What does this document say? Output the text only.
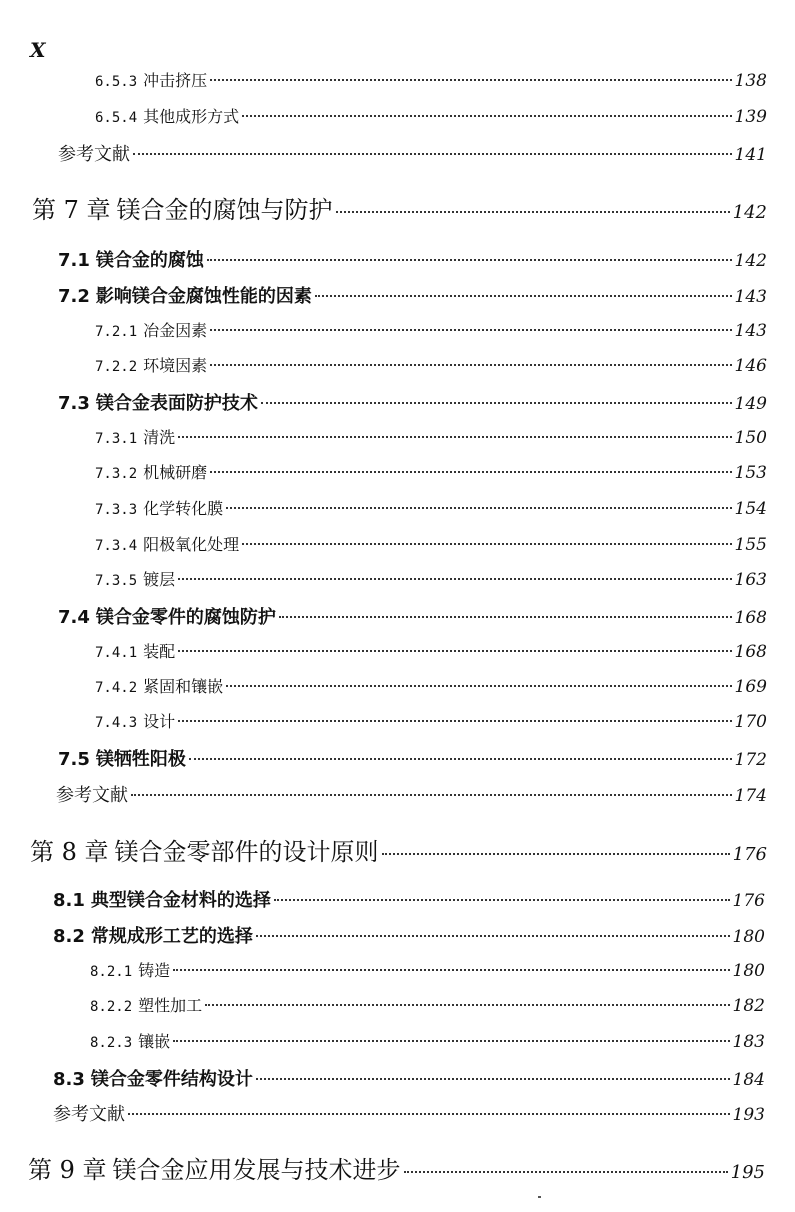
X
6.5.3 冲击挤压	138
6.5.4 其他成形方式	139
参考文献	141
第 7 章 镁合金的腐蚀与防护	142
7.1 镁合金的腐蚀	142
7.2 影响镁合金腐蚀性能的因素	143
7.2.1 冶金因素	143
7.2.2 环境因素	146
7.3 镁合金表面防护技术	149
7.3.1 清洗	150
7.3.2 机械研磨	153
7.3.3 化学转化膜	154
7.3.4 阳极氧化处理	155
7.3.5 镀层	163
7.4 镁合金零件的腐蚀防护	168
7.4.1 装配	168
7.4.2 紧固和镶嵌	169
7.4.3 设计	170
7.5 镁牺牲阳极	172
参考文献	174
第 8 章 镁合金零部件的设计原则	176
8.1 典型镁合金材料的选择	176
8.2 常规成形工艺的选择	180
8.2.1 铸造	180
8.2.2 塑性加工	182
8.2.3 镶嵌	183
8.3 镁合金零件结构设计	184
参考文献	193
第 9 章 镁合金应用发展与技术进步	195
